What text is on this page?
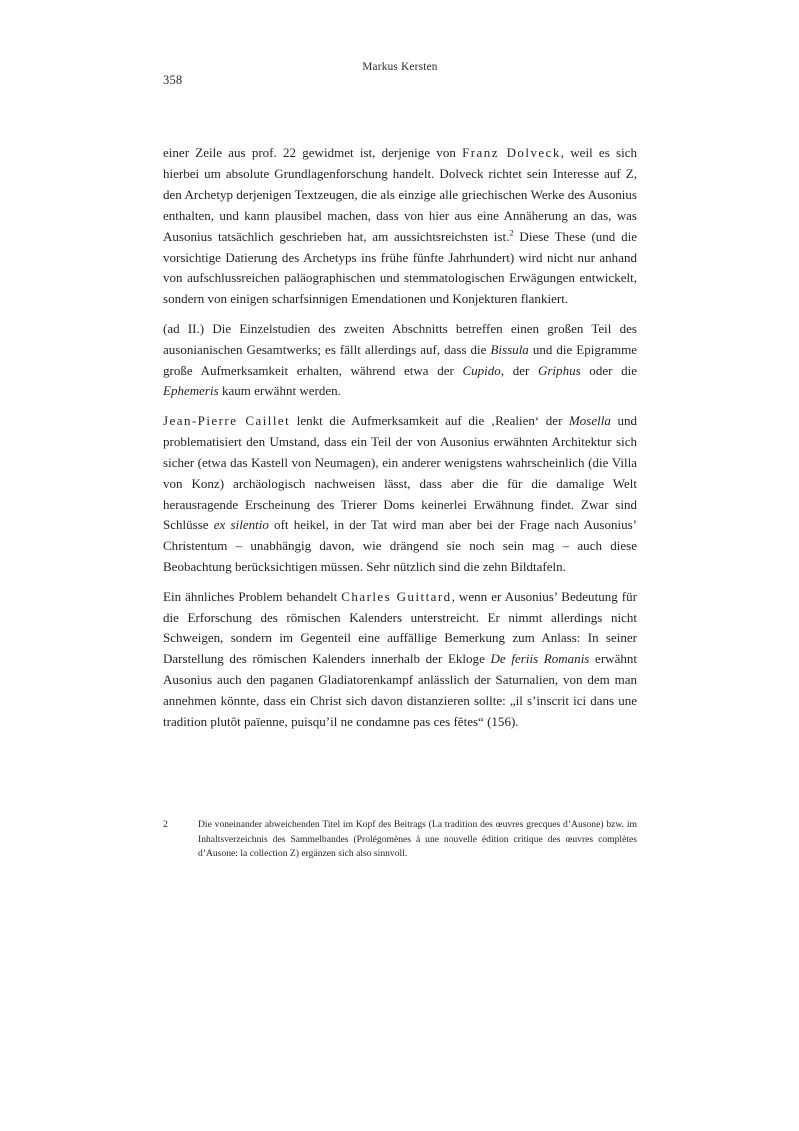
Markus Kersten
358

einer Zeile aus prof. 22 gewidmet ist, derjenige von Franz Dolveck, weil es sich hierbei um absolute Grundlagenforschung handelt. Dolveck richtet sein Interesse auf Z, den Archetyp derjenigen Textzeugen, die als einzige alle griechischen Werke des Ausonius enthalten, und kann plausibel machen, dass von hier aus eine Annäherung an das, was Ausonius tatsächlich geschrieben hat, am aussichtsreichsten ist.$^2$ Diese These (und die vorsichtige Datierung des Archetyps ins frühe fünfte Jahrhundert) wird nicht nur anhand von aufschlussreichen paläographischen und stemmatologischen Erwägungen entwickelt, sondern von einigen scharfsinnigen Emendationen und Konjekturen flankiert.

(ad II.) Die Einzelstudien des zweiten Abschnitts betreffen einen großen Teil des ausonianischen Gesamtwerks; es fällt allerdings auf, dass die Bissula und die Epigramme große Aufmerksamkeit erhalten, während etwa der Cupido, der Griphus oder die Ephemeris kaum erwähnt werden.

Jean-Pierre Caillet lenkt die Aufmerksamkeit auf die ‚Realien‘ der Mosella und problematisiert den Umstand, dass ein Teil der von Ausonius erwähnten Architektur sich sicher (etwa das Kastell von Neumagen), ein anderer wenigstens wahrscheinlich (die Villa von Konz) archäologisch nachweisen lässt, dass aber die für die damalige Welt herausragende Erscheinung des Trierer Doms keinerlei Erwähnung findet. Zwar sind Schlüsse ex silentio oft heikel, in der Tat wird man aber bei der Frage nach Ausonius’ Christentum – unabhängig davon, wie drängend sie noch sein mag – auch diese Beobachtung berücksichtigen müssen. Sehr nützlich sind die zehn Bildtafeln.

Ein ähnliches Problem behandelt Charles Guittard, wenn er Ausonius’ Bedeutung für die Erforschung des römischen Kalenders unterstreicht. Er nimmt allerdings nicht Schweigen, sondern im Gegenteil eine auffällige Bemerkung zum Anlass: In seiner Darstellung des römischen Kalenders innerhalb der Ekloge De feriis Romanis erwähnt Ausonius auch den paganen Gladiatorenkampf anlässlich der Saturnalien, von dem man annehmen könnte, dass ein Christ sich davon distanzieren sollte: „il s’inscrit ici dans une tradition plutôt païenne, puisqu’il ne condamne pas ces fêtes“ (156).

2	Die voneinander abweichenden Titel im Kopf des Beitrags (La tradition des œuvres grecques d’Ausone) bzw. im Inhaltsverzeichnis des Sammelbandes (Prolégomènes à une nouvelle édition critique des œuvres complètes d’Ausone: la collection Z) ergänzen sich also sinnvoll.
